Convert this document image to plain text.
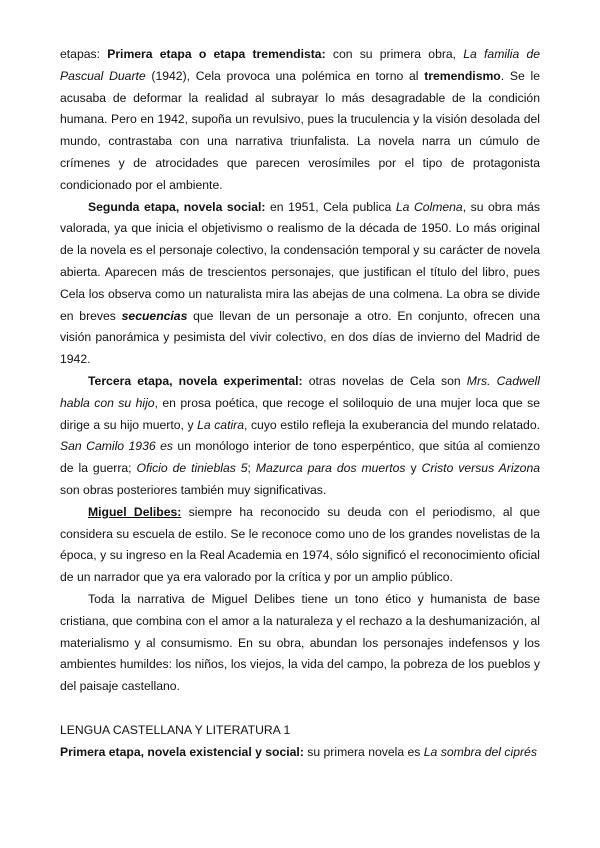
etapas: Primera etapa o etapa tremendista: con su primera obra, La familia de Pascual Duarte (1942), Cela provoca una polémica en torno al tremendismo. Se le acusaba de deformar la realidad al subrayar lo más desagradable de la condición humana. Pero en 1942, supoña un revulsivo, pues la truculencia y la visión desolada del mundo, contrastaba con una narrativa triunfalista. La novela narra un cúmulo de crímenes y de atrocidades que parecen verosímiles por el tipo de protagonista condicionado por el ambiente.

Segunda etapa, novela social: en 1951, Cela publica La Colmena, su obra más valorada, ya que inicia el objetivismo o realismo de la década de 1950. Lo más original de la novela es el personaje colectivo, la condensación temporal y su carácter de novela abierta. Aparecen más de trescientos personajes, que justifican el título del libro, pues Cela los observa como un naturalista mira las abejas de una colmena. La obra se divide en breves secuencias que llevan de un personaje a otro. En conjunto, ofrecen una visión panorámica y pesimista del vivir colectivo, en dos días de invierno del Madrid de 1942.

Tercera etapa, novela experimental: otras novelas de Cela son Mrs. Cadwell habla con su hijo, en prosa poética, que recoge el soliloquio de una mujer loca que se dirige a su hijo muerto, y La catira, cuyo estilo refleja la exuberancia del mundo relatado. San Camilo 1936 es un monólogo interior de tono esperpéntico, que sitúa al comienzo de la guerra; Oficio de tinieblas 5; Mazurca para dos muertos y Cristo versus Arizona son obras posteriores también muy significativas.

Miguel Delibes: siempre ha reconocido su deuda con el periodismo, al que considera su escuela de estilo. Se le reconoce como uno de los grandes novelistas de la época, y su ingreso en la Real Academia en 1974, sólo significó el reconocimiento oficial de un narrador que ya era valorado por la crítica y por un amplio público.

Toda la narrativa de Miguel Delibes tiene un tono ético y humanista de base cristiana, que combina con el amor a la naturaleza y el rechazo a la deshumanización, al materialismo y al consumismo. En su obra, abundan los personajes indefensos y los ambientes humildes: los niños, los viejos, la vida del campo, la pobreza de los pueblos y del paisaje castellano.

LENGUA CASTELLANA Y LITERATURA 1

Primera etapa, novela existencial y social: su primera novela es La sombra del ciprés
